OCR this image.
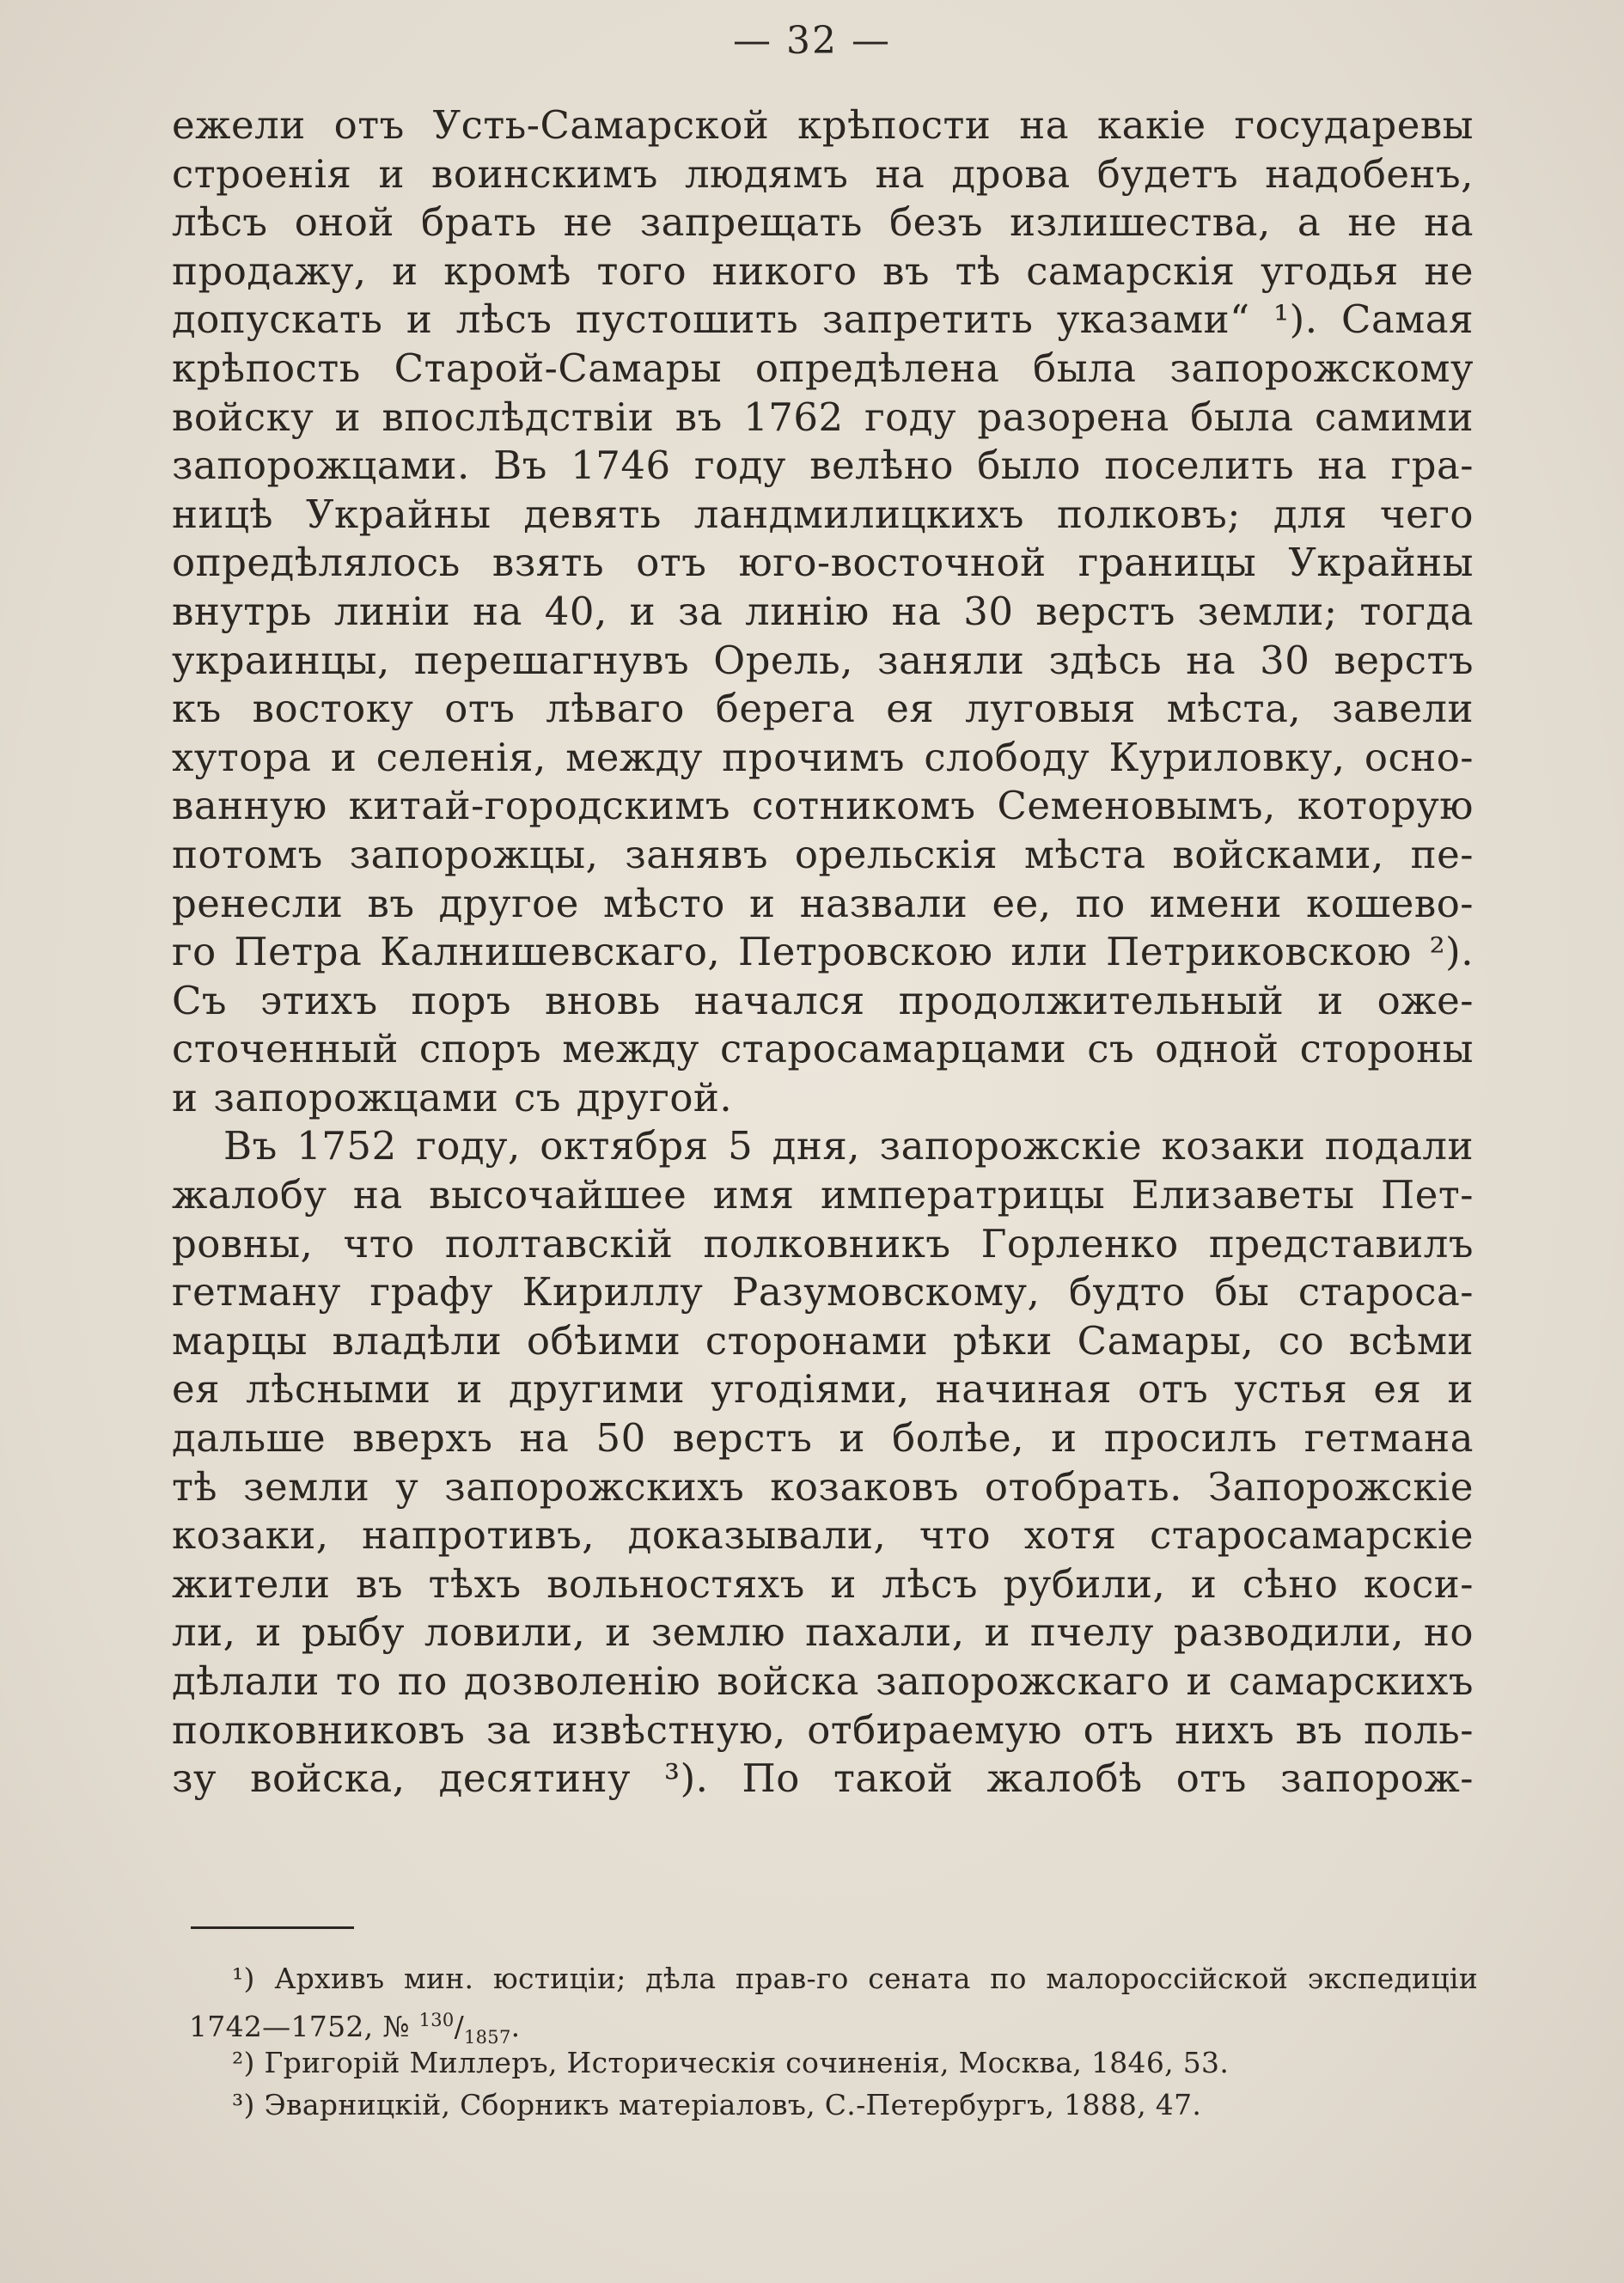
— 32 —
ежели отъ Усть-Самарской крѣпости на какіе государевы
строенія и воинскимъ людямъ на дрова будетъ надобенъ,
лѣсъ оной брать не запрещать безъ излишества, а не на
продажу, и кромѣ того никого въ тѣ самарскія угодья не
допускать и лѣсъ пустошить запретить указами“ ¹). Самая
крѣпость Старой-Самары опредѣлена была запорожскому
войску и впослѣдствіи въ 1762 году разорена была самими
запорожцами. Въ 1746 году велѣно было поселить на гра-
ницѣ Украйны девять ландмилицкихъ полковъ; для чего
опредѣлялось взять отъ юго-восточной границы Украйны
внутрь линіи на 40, и за линію на 30 верстъ земли; тогда
украинцы, перешагнувъ Орель, заняли здѣсь на 30 верстъ
къ востоку отъ лѣваго берега ея луговыя мѣста, завели
хутора и селенія, между прочимъ слободу Куриловку, осно-
ванную китай-городскимъ сотникомъ Семеновымъ, которую
потомъ запорожцы, занявъ орельскія мѣста войсками, пе-
ренесли въ другое мѣсто и назвали ее, по имени кошево-
го Петра Калнишевскаго, Петровскою или Петриковскою ²).
Съ этихъ поръ вновь начался продолжительный и оже-
сточенный споръ между старосамарцами съ одной стороны
и запорожцами съ другой.
Въ 1752 году, октября 5 дня, запорожскіе козаки подали
жалобу на высочайшее имя императрицы Елизаветы Пет-
ровны, что полтавскій полковникъ Горленко представилъ
гетману графу Кириллу Разумовскому, будто бы староса-
марцы владѣли обѣими сторонами рѣки Самары, со всѣми
ея лѣсными и другими угодіями, начиная отъ устья ея и
дальше вверхъ на 50 верстъ и болѣе, и просилъ гетмана
тѣ земли у запорожскихъ козаковъ отобрать. Запорожскіе
козаки, напротивъ, доказывали, что хотя старосамарскіе
жители въ тѣхъ вольностяхъ и лѣсъ рубили, и сѣно коси-
ли, и рыбу ловили, и землю пахали, и пчелу разводили, но
дѣлали то по дозволенію войска запорожскаго и самарскихъ
полковниковъ за извѣстную, отбираемую отъ нихъ въ поль-
зу войска, десятину ³). По такой жалобѣ отъ запорож-
¹) Архивъ мин. юстиціи; дѣла прав-го сената по малороссійской экспедиціи
1742—1752, № $^{130}/_{1857}$.
²) Григорій Миллеръ, Историческія сочиненія, Москва, 1846, 53.
³) Эварницкій, Сборникъ матеріаловъ, С.-Петербургъ, 1888, 47.
